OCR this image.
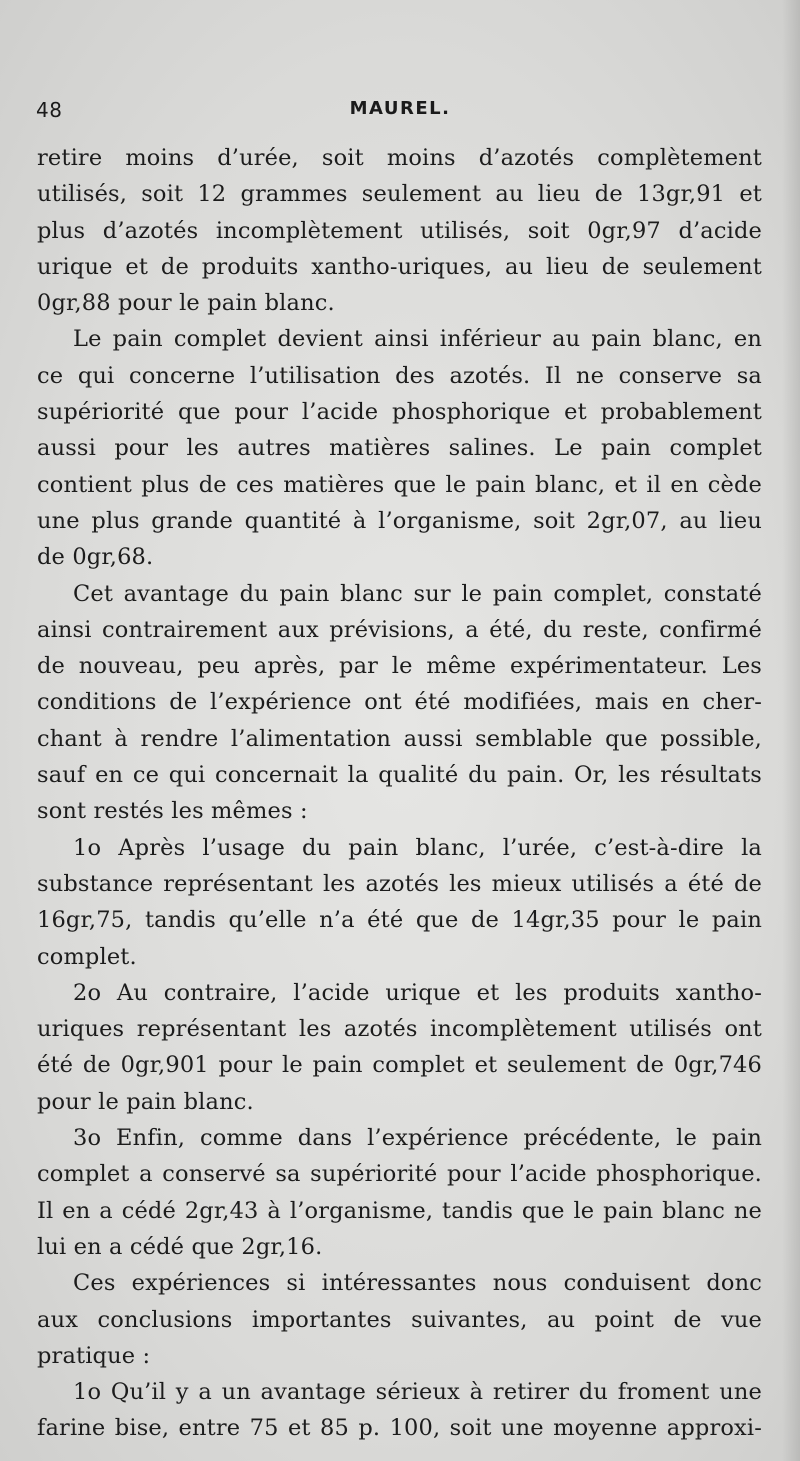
48	MAUREL.
retire moins d’urée, soit moins d’azotés complètement
utilisés, soit 12 grammes seulement au lieu de 13gr,91 et
plus d’azotés incomplètement utilisés, soit 0gr,97 d’acide
urique et de produits xantho-uriques, au lieu de seulement
0gr,88 pour le pain blanc.
Le pain complet devient ainsi inférieur au pain blanc, en
ce qui concerne l’utilisation des azotés. Il ne conserve sa
supériorité que pour l’acide phosphorique et probablement
aussi pour les autres matières salines. Le pain complet
contient plus de ces matières que le pain blanc, et il en cède
une plus grande quantité à l’organisme, soit 2gr,07, au lieu
de 0gr,68.
Cet avantage du pain blanc sur le pain complet, constaté
ainsi contrairement aux prévisions, a été, du reste, confirmé
de nouveau, peu après, par le même expérimentateur. Les
conditions de l’expérience ont été modifiées, mais en cher-
chant à rendre l’alimentation aussi semblable que possible,
sauf en ce qui concernait la qualité du pain. Or, les résultats
sont restés les mêmes :
1o Après l’usage du pain blanc, l’urée, c’est-à-dire la
substance représentant les azotés les mieux utilisés a été de
16gr,75, tandis qu’elle n’a été que de 14gr,35 pour le pain
complet.
2o Au contraire, l’acide urique et les produits xantho-
uriques représentant les azotés incomplètement utilisés ont
été de 0gr,901 pour le pain complet et seulement de 0gr,746
pour le pain blanc.
3o Enfin, comme dans l’expérience précédente, le pain
complet a conservé sa supériorité pour l’acide phosphorique.
Il en a cédé 2gr,43 à l’organisme, tandis que le pain blanc ne
lui en a cédé que 2gr,16.
Ces expériences si intéressantes nous conduisent donc
aux conclusions importantes suivantes, au point de vue
pratique :
1o Qu’il y a un avantage sérieux à retirer du froment une
farine bise, entre 75 et 85 p. 100, soit une moyenne approxi-
